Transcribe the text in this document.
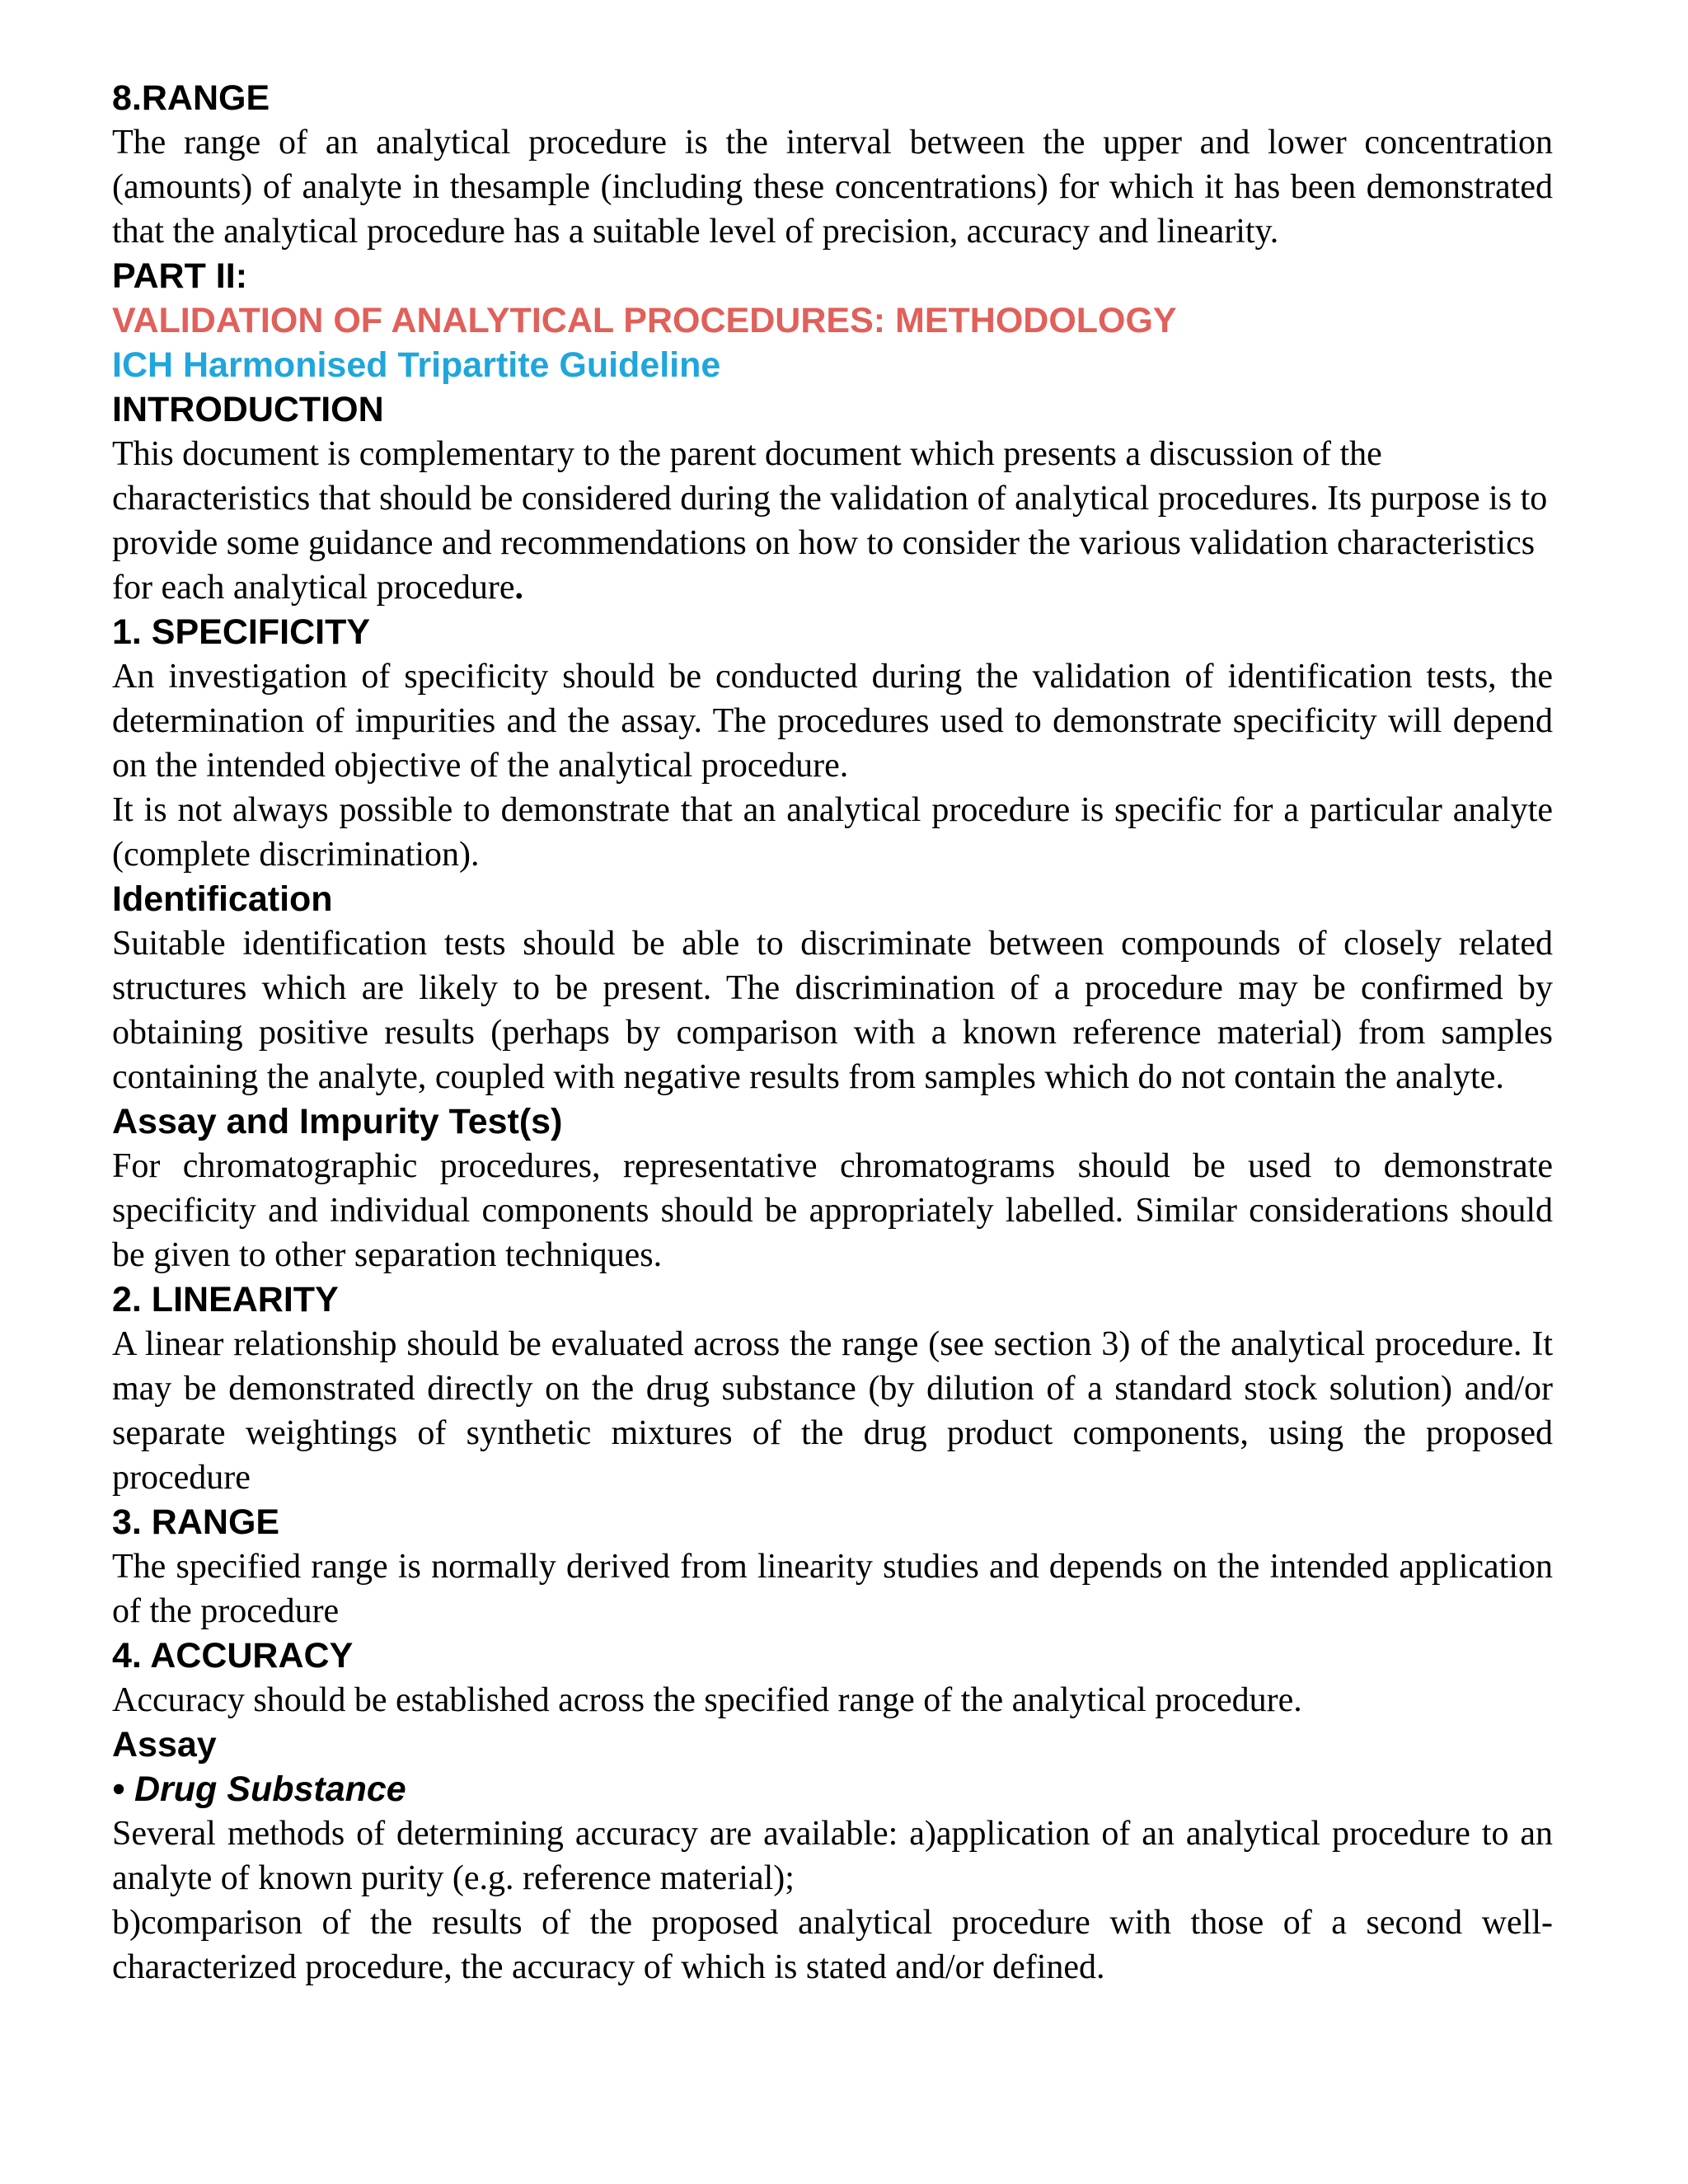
8.RANGE

The range of an analytical procedure is the interval between the upper and lower concentration (amounts) of analyte in thesample (including these concentrations) for which it has been demonstrated that the analytical procedure has a suitable level of precision, accuracy and linearity.

PART II:
VALIDATION OF ANALYTICAL PROCEDURES: METHODOLOGY
ICH Harmonised Tripartite Guideline
INTRODUCTION

This document is complementary to the parent document which presents a discussion of the characteristics that should be considered during the validation of analytical procedures. Its purpose is to provide some guidance and recommendations on how to consider the various validation characteristics for each analytical procedure.

1. SPECIFICITY

An investigation of specificity should be conducted during the validation of identification tests, the determination of impurities and the assay. The procedures used to demonstrate specificity will depend on the intended objective of the analytical procedure.

It is not always possible to demonstrate that an analytical procedure is specific for a particular analyte (complete discrimination).

Identification

Suitable identification tests should be able to discriminate between compounds of closely related structures which are likely to be present. The discrimination of a procedure may be confirmed by obtaining positive results (perhaps by comparison with a known reference material) from samples containing the analyte, coupled with negative results from samples which do not contain the analyte.

Assay and Impurity Test(s)

For chromatographic procedures, representative chromatograms should be used to demonstrate specificity and individual components should be appropriately labelled. Similar considerations should be given to other separation techniques.

2. LINEARITY

A linear relationship should be evaluated across the range (see section 3) of the analytical procedure. It may be demonstrated directly on the drug substance (by dilution of a standard stock solution) and/or separate weightings of synthetic mixtures of the drug product components, using the proposed procedure

3. RANGE

The specified range is normally derived from linearity studies and depends on the intended application of the procedure

4. ACCURACY

Accuracy should be established across the specified range of the analytical procedure.

Assay
• Drug Substance

Several methods of determining accuracy are available: a)application of an analytical procedure to an analyte of known purity (e.g. reference material);

b)comparison of the results of the proposed analytical procedure with those of a second well-characterized procedure, the accuracy of which is stated and/or defined.
